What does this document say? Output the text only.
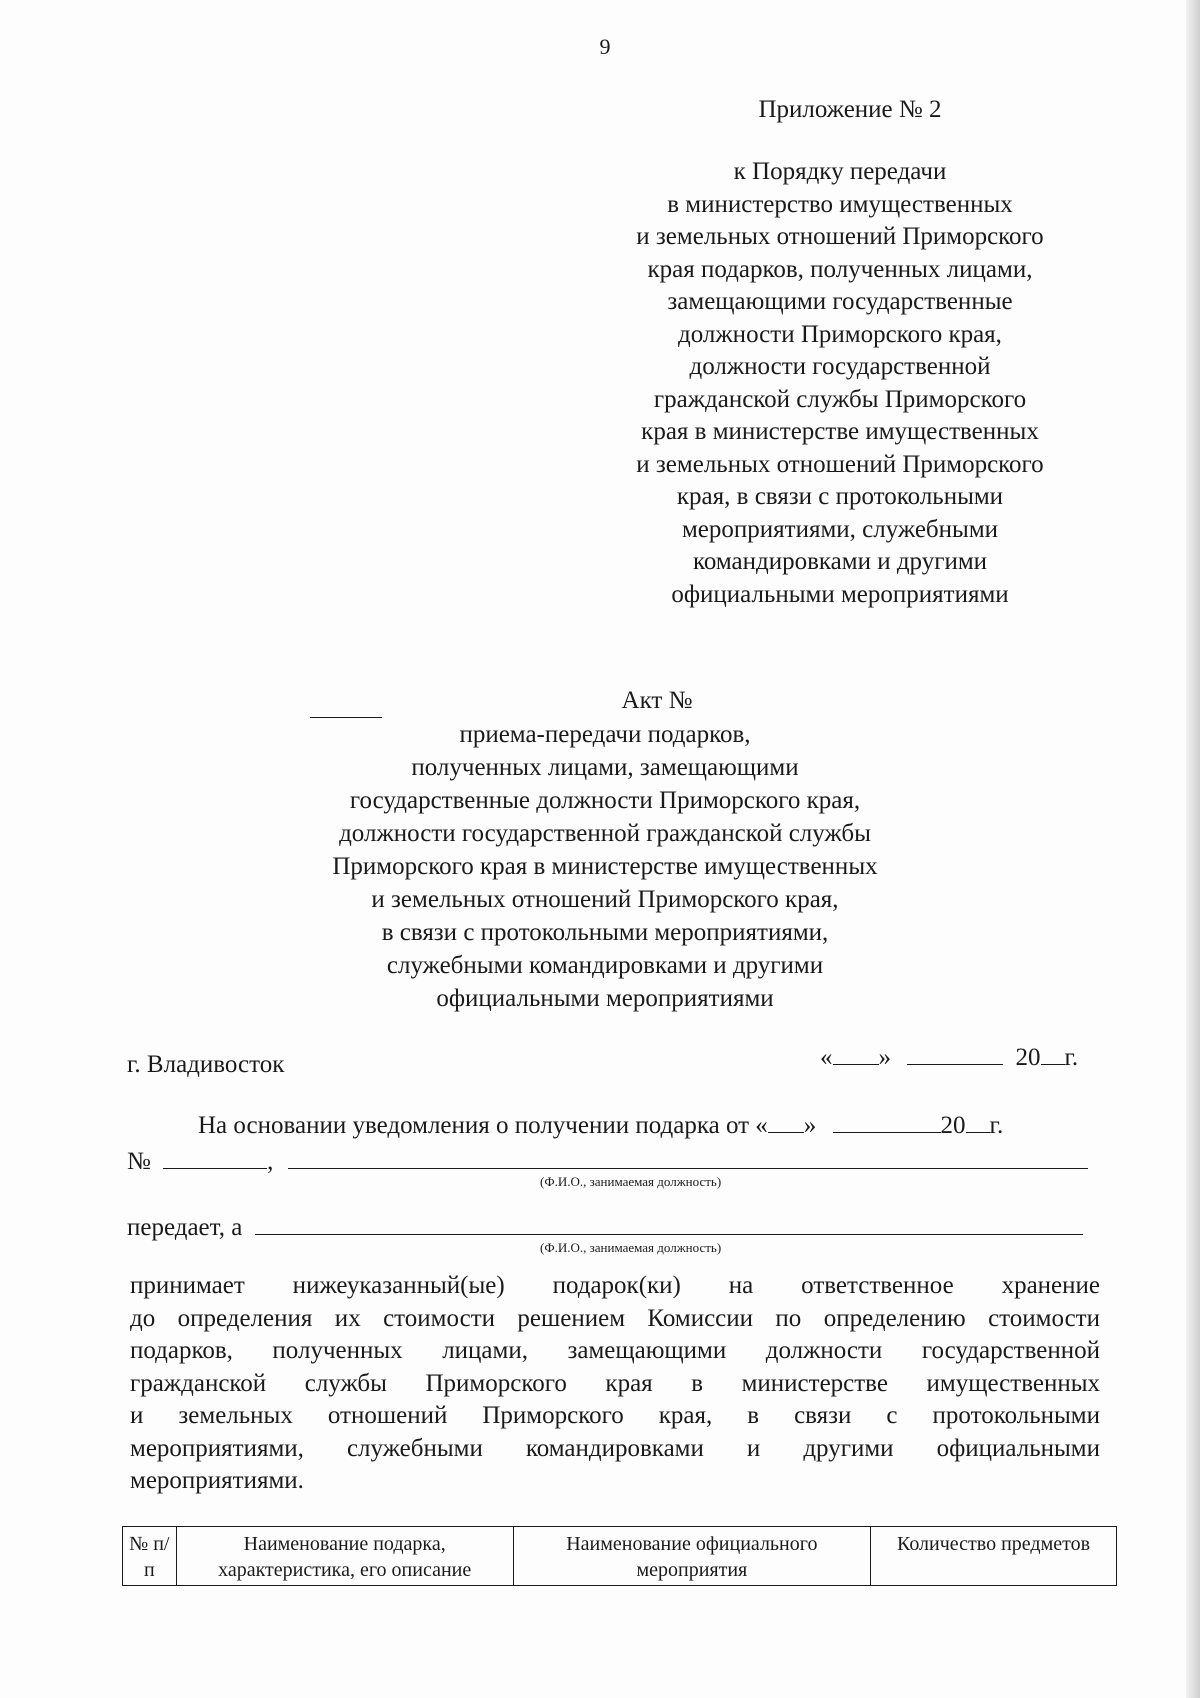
9
Приложение № 2
к Порядку передачи
в министерство имущественных
и земельных отношений Приморского
края подарков, полученных лицами,
замещающими государственные
должности Приморского края,
должности государственной
гражданской службы Приморского
края в министерстве имущественных
и земельных отношений Приморского
края, в связи с протокольными
мероприятиями, служебными
командировками и другими
официальными мероприятиями
Акт №
приема-передачи подарков,
полученных лицами, замещающими
государственные должности Приморского края,
должности государственной гражданской службы
Приморского края в министерстве имущественных
и земельных отношений Приморского края,
в связи с протокольными мероприятиями,
служебными командировками и другими
официальными мероприятиями
г. Владивосток	« »	20 г.
На основании уведомления о получении подарка от « »	20 г.
№	,
(Ф.И.О., занимаемая должность)
передает, а
(Ф.И.О., занимаемая должность)
принимает нижеуказанный(ые) подарок(ки) на ответственное хранение
до определения их стоимости решением Комиссии по определению стоимости
подарков, полученных лицами, замещающими должности государственной
гражданской службы Приморского края в министерстве имущественных
и земельных отношений Приморского края, в связи с протокольными
мероприятиями, служебными командировками и другими официальными
мероприятиями.
№ п/п	Наименование подарка, характеристика, его описание	Наименование официального мероприятия	Количество предметов
